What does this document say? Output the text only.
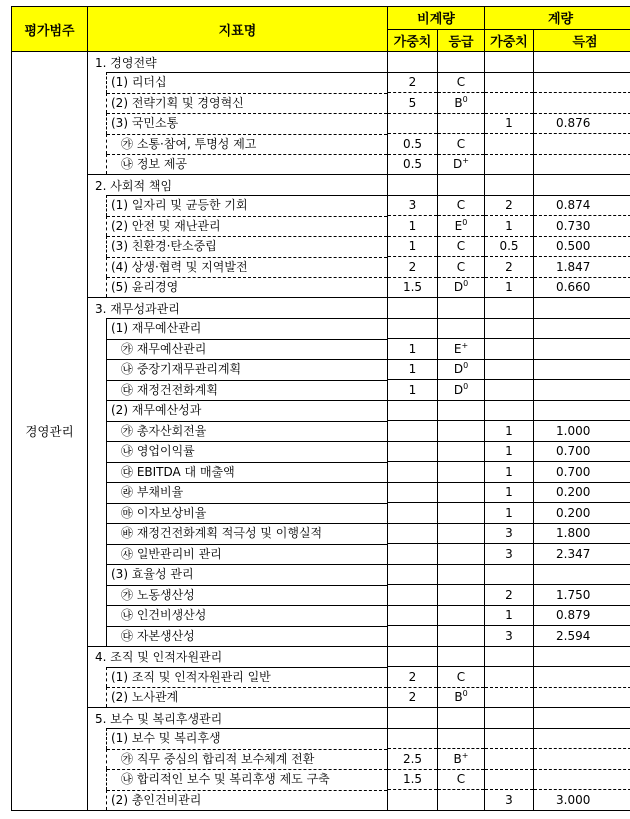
평가범주	지표명	비계량		계량	
		가중치	등급	가중치	득점
경영관리	1. 경영전략				

	(1) 리더십	2	C		

	(2) 전략기획 및 경영혁신	5	$B^0$		

	(3) 국민소통			1	0.876

	㉮ 소통·참여, 투명성 제고	0.5	C		

	㉯ 정보 제공	0.5	D+		
	2. 사회적 책임				

	(1) 일자리 및 균등한 기회	3	C	2	0.874

	(2) 안전 및 재난관리	1	$E^0$	1	0.730

	(3) 친환경·탄소중립	1	C	0.5	0.500

	(4) 상생·협력 및 지역발전	2	C	2	1.847

	(5) 윤리경영	1.5	$D^0$	1	0.660
	3. 재무성과관리				

	(1) 재무예산관리				

	㉮ 재무예산관리	1	E+		

	㉯ 중장기재무관리계획	1	$D^0$		

	㉰ 재정건전화계획	1	$D^0$		

	(2) 재무예산성과				

	㉮ 총자산회전율			1	1.000

	㉯ 영업이익률			1	0.700

	㉰ EBITDA 대 매출액			1	0.700

	㉱ 부채비율			1	0.200

	㉲ 이자보상비율			1	0.200

	㉳ 재정건전화계획 적극성 및 이행실적			3	1.800

	㉴ 일반관리비 관리			3	2.347

	(3) 효율성 관리				

	㉮ 노동생산성			2	1.750

	㉯ 인건비생산성			1	0.879

	㉰ 자본생산성			3	2.594
	4. 조직 및 인적자원관리				

	(1) 조직 및 인적자원관리 일반	2	C		

	(2) 노사관계	2	$B^0$		
	5. 보수 및 복리후생관리				

	(1) 보수 및 복리후생				

	㉮ 직무 중심의 합리적 보수체계 전환	2.5	B+		

	㉯ 합리적인 보수 및 복리후생 제도 구축	1.5	C		

	(2) 총인건비관리			3	3.000
